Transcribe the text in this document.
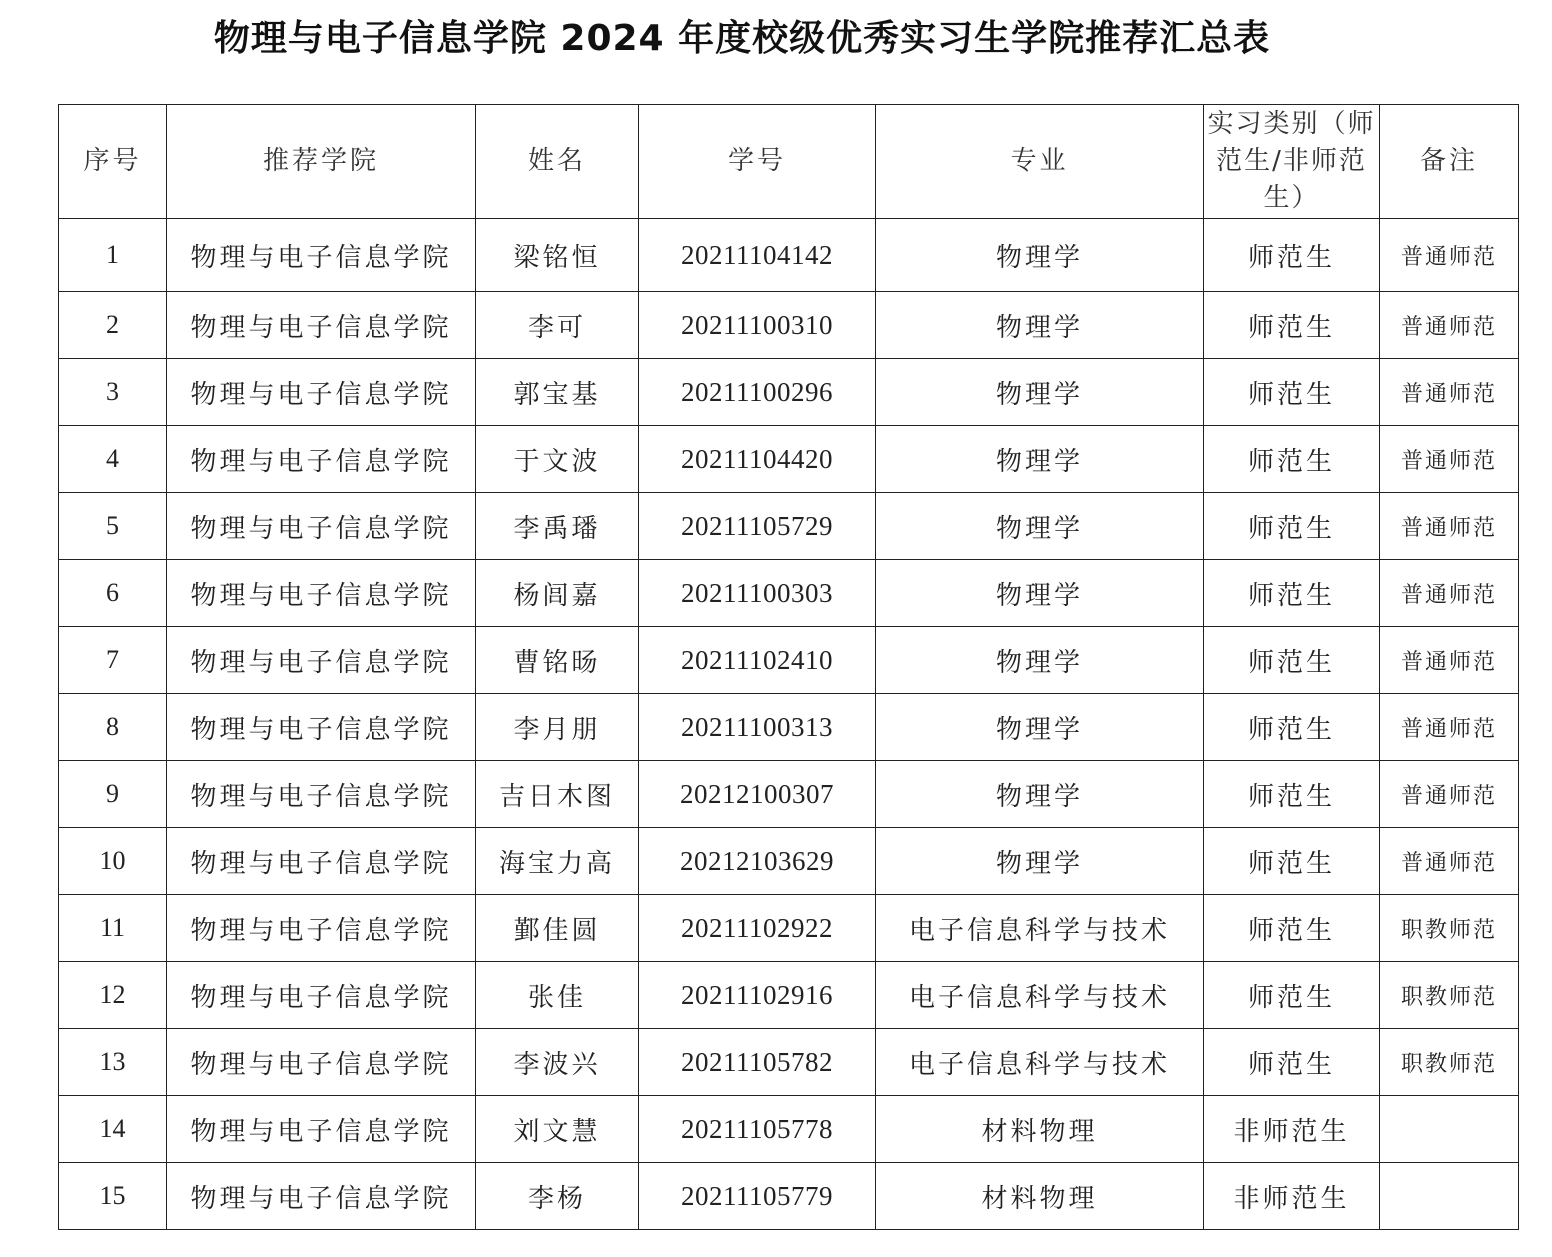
物理与电子信息学院 2024 年度校级优秀实习生学院推荐汇总表
序号	推荐学院	姓名	学号	专业	实习类别（师范生/非师范生）	备注
1	物理与电子信息学院	梁铭恒	20211104142	物理学	师范生	普通师范
2	物理与电子信息学院	李可	20211100310	物理学	师范生	普通师范
3	物理与电子信息学院	郭宝基	20211100296	物理学	师范生	普通师范
4	物理与电子信息学院	于文波	20211104420	物理学	师范生	普通师范
5	物理与电子信息学院	李禹璠	20211105729	物理学	师范生	普通师范
6	物理与电子信息学院	杨闾嘉	20211100303	物理学	师范生	普通师范
7	物理与电子信息学院	曹铭旸	20211102410	物理学	师范生	普通师范
8	物理与电子信息学院	李月朋	20211100313	物理学	师范生	普通师范
9	物理与电子信息学院	吉日木图	20212100307	物理学	师范生	普通师范
10	物理与电子信息学院	海宝力高	20212103629	物理学	师范生	普通师范
11	物理与电子信息学院	鄞佳圆	20211102922	电子信息科学与技术	师范生	职教师范
12	物理与电子信息学院	张佳	20211102916	电子信息科学与技术	师范生	职教师范
13	物理与电子信息学院	李波兴	20211105782	电子信息科学与技术	师范生	职教师范
14	物理与电子信息学院	刘文慧	20211105778	材料物理	非师范生	
15	物理与电子信息学院	李杨	20211105779	材料物理	非师范生	
